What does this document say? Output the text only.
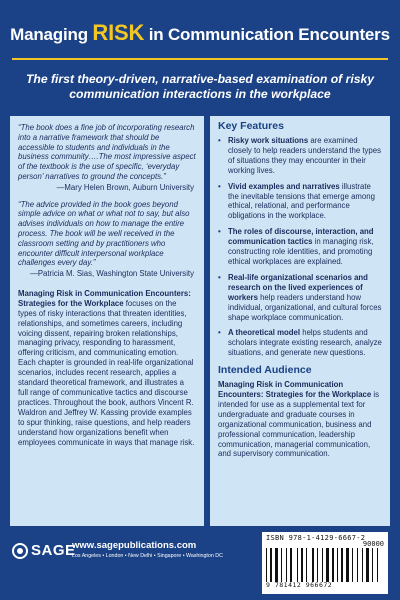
Managing RISK in Communication Encounters
The first theory-driven, narrative-based examination of risky communication interactions in the workplace
“The book does a fine job of incorporating research into a narrative framework that should be accessible to students and individuals in the business community….The most impressive aspect of the textbook is the use of specific, ‘everyday person’ narratives to ground the concepts.”
—Mary Helen Brown, Auburn University
“The advice provided in the book goes beyond simple advice on what or what not to say, but also advises individuals on how to manage the entire process. The book will be well received in the classroom setting and by practitioners who encounter difficult interpersonal workplace challenges every day.”
—Patricia M. Sias, Washington State University
Managing Risk in Communication Encounters: Strategies for the Workplace focuses on the types of risky interactions that threaten identities, relationships, and sometimes careers, including voicing dissent, repairing broken relationships, managing privacy, responding to harassment, offering criticism, and communicating emotion. Each chapter is grounded in real-life organizational scenarios, includes recent research, applies a standard theoretical framework, and illustrates a full range of communicative tactics and discourse practices. Throughout the book, authors Vincent R. Waldron and Jeffrey W. Kassing provide examples to spur thinking, raise questions, and help readers understand how organizations benefit when employees communicate in ways that manage risk.
Key Features
• Risky work situations are examined closely to help readers understand the types of situations they may encounter in their working lives.
• Vivid examples and narratives illustrate the inevitable tensions that emerge among ethical, relational, and performance obligations in the workplace.
• The roles of discourse, interaction, and communication tactics in managing risk, constructing role identities, and promoting ethical workplaces are explained.
• Real-life organizational scenarios and research on the lived experiences of workers help readers understand how individual, organizational, and cultural forces shape workplace communication.
• A theoretical model helps students and scholars integrate existing research, analyze situations, and generate new questions.
Intended Audience
Managing Risk in Communication Encounters: Strategies for the Workplace is intended for use as a supplemental text for undergraduate and graduate courses in organizational communication, business and professional communication, leadership communication, managerial communication, and supervisory communication.
SAGE
www.sagepublications.com
Los Angeles • London • New Delhi • Singapore • Washington DC
ISBN 978-1-4129-6667-2
90000
9 781412 966672
